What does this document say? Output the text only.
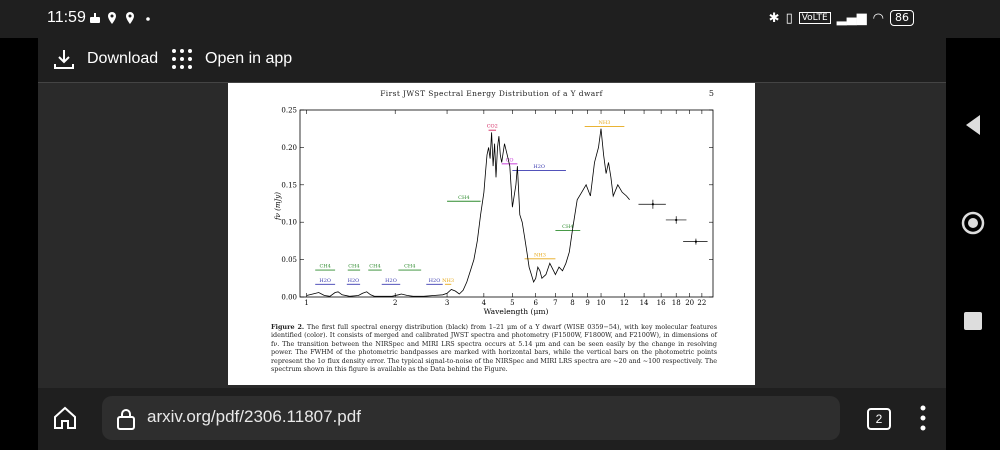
11:59	✱ ▯	VoLTE ▂▄▆ ◠	86
Download	Open in app
First JWST Spectral Energy Distribution of a Y dwarf	5
0.00
0.05
0.10
0.15
0.20
0.25
1	2	3	4	5	6 7 8 9 10 12 14 16 18 20 22
CH4
H2O
CH4
H2O
CH4
H2O
CH4
H2O NH3
CH4
CO2
CO
H2O
NH3
CH4
NH3
fν (mJy)
Wavelength (μm)
Figure 2. The first full spectral energy distribution (black) from 1–21 μm of a Y dwarf (WISE 0359−54), with key molecular features identified (color). It consists of merged and calibrated JWST spectra and photometry (F1500W, F1800W, and F2100W), in dimensions of fν. The transition between the NIRSpec and MIRI LRS spectra occurs at 5.14 μm and can be seen easily by the change in resolving power. The FWHM of the photometric bandpasses are marked with horizontal bars, while the vertical bars on the photometric points represent the 1σ flux density error. The typical signal-to-noise of the NIRSpec and MIRI LRS spectra are ~20 and ~100 respectively. The spectrum shown in this figure is available as the Data behind the Figure.
arxiv.org/pdf/2306.11807.pdf	2
